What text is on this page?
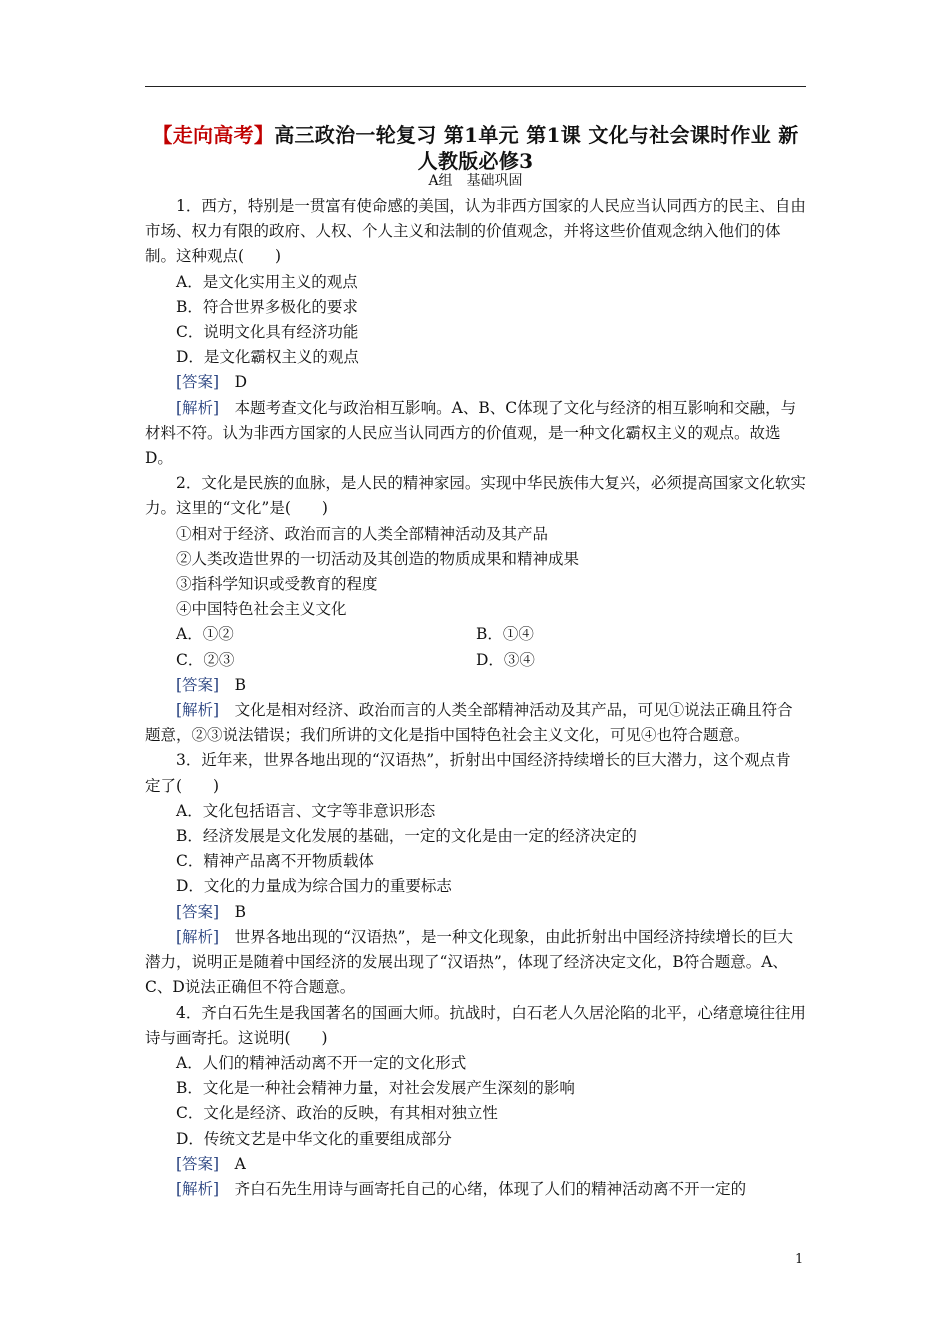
【走向高考】高三政治一轮复习 第1单元 第1课 文化与社会课时作业 新人教版必修3
A组　基础巩固

1．西方，特别是一贯富有使命感的美国，认为非西方国家的人民应当认同西方的民主、自由市场、权力有限的政府、人权、个人主义和法制的价值观念，并将这些价值观念纳入他们的体制。这种观点(　　)

A．是文化实用主义的观点

B．符合世界多极化的要求

C．说明文化具有经济功能

D．是文化霸权主义的观点

[答案]　 D

[解析]　 本题考查文化与政治相互影响。A、B、C体现了文化与经济的相互影响和交融，与材料不符。认为非西方国家的人民应当认同西方的价值观，是一种文化霸权主义的观点。故选D。

2．文化是民族的血脉，是人民的精神家园。实现中华民族伟大复兴，必须提高国家文化软实力。这里的“文化”是(　　)

①相对于经济、政治而言的人类全部精神活动及其产品

②人类改造世界的一切活动及其创造的物质成果和精神成果

③指科学知识或受教育的程度

④中国特色社会主义文化

A．①②	B．①④
C．②③	D．③④

[答案]　 B

[解析]　 文化是相对经济、政治而言的人类全部精神活动及其产品，可见①说法正确且符合题意，②③说法错误；我们所讲的文化是指中国特色社会主义文化，可见④也符合题意。

3．近年来，世界各地出现的“汉语热”，折射出中国经济持续增长的巨大潜力，这个观点肯定了(　　)

A．文化包括语言、文字等非意识形态

B．经济发展是文化发展的基础，一定的文化是由一定的经济决定的

C．精神产品离不开物质载体

D．文化的力量成为综合国力的重要标志

[答案]　 B

[解析]　 世界各地出现的“汉语热”，是一种文化现象，由此折射出中国经济持续增长的巨大潜力，说明正是随着中国经济的发展出现了“汉语热”，体现了经济决定文化，B符合题意。A、C、D说法正确但不符合题意。

4．齐白石先生是我国著名的国画大师。抗战时，白石老人久居沦陷的北平，心绪意境往往用诗与画寄托。这说明(　　)

A．人们的精神活动离不开一定的文化形式

B．文化是一种社会精神力量，对社会发展产生深刻的影响

C．文化是经济、政治的反映，有其相对独立性

D．传统文艺是中华文化的重要组成部分

[答案]　 A

[解析]　 齐白石先生用诗与画寄托自己的心绪，体现了人们的精神活动离不开一定的

1
